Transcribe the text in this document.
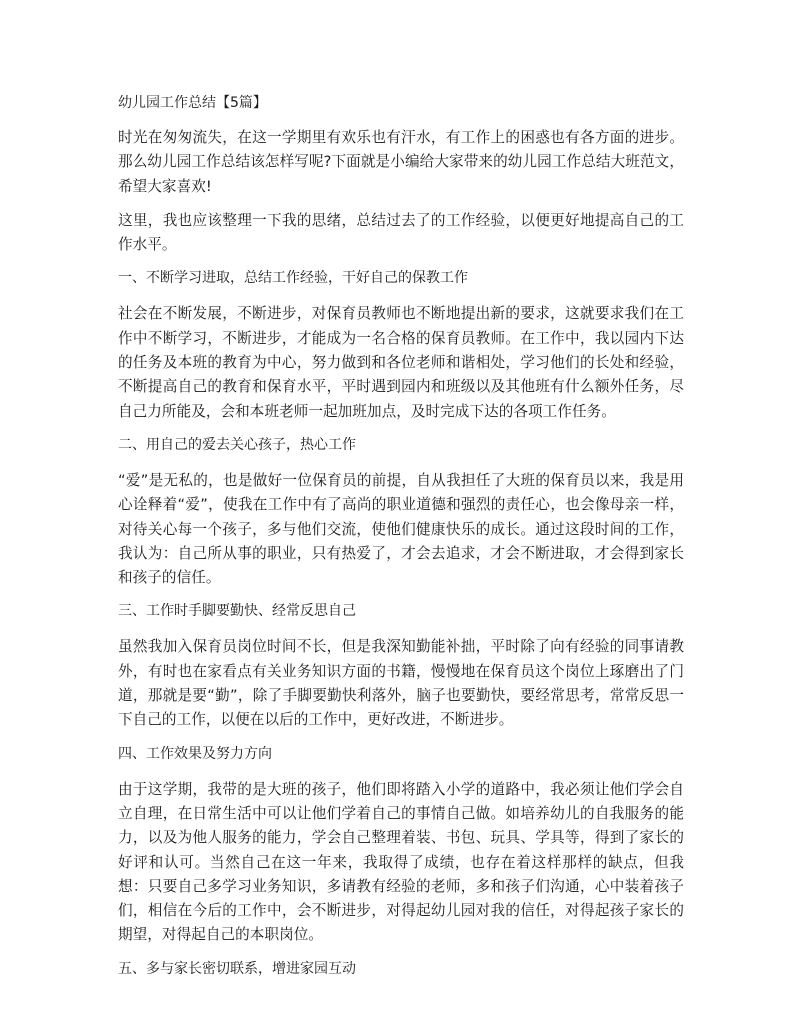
幼儿园工作总结【5篇】

时光在匆匆流失，在这一学期里有欢乐也有汗水，有工作上的困惑也有各方面的进步。那么幼儿园工作总结该怎样写呢?下面就是小编给大家带来的幼儿园工作总结大班范文，希望大家喜欢!

这里，我也应该整理一下我的思绪，总结过去了的工作经验，以便更好地提高自己的工作水平。

一、不断学习进取，总结工作经验，干好自己的保教工作

社会在不断发展，不断进步，对保育员教师也不断地提出新的要求，这就要求我们在工作中不断学习，不断进步，才能成为一名合格的保育员教师。在工作中，我以园内下达的任务及本班的教育为中心，努力做到和各位老师和谐相处，学习他们的长处和经验，不断提高自己的教育和保育水平，平时遇到园内和班级以及其他班有什么额外任务，尽自己力所能及，会和本班老师一起加班加点，及时完成下达的各项工作任务。

二、用自己的爱去关心孩子，热心工作

“爱”是无私的，也是做好一位保育员的前提，自从我担任了大班的保育员以来，我是用心诠释着“爱”，使我在工作中有了高尚的职业道德和强烈的责任心，也会像母亲一样，对待关心每一个孩子，多与他们交流，使他们健康快乐的成长。通过这段时间的工作，我认为：自己所从事的职业，只有热爱了，才会去追求，才会不断进取，才会得到家长和孩子的信任。

三、工作时手脚要勤快、经常反思自己

虽然我加入保育员岗位时间不长，但是我深知勤能补拙，平时除了向有经验的同事请教外，有时也在家看点有关业务知识方面的书籍，慢慢地在保育员这个岗位上琢磨出了门道，那就是要“勤”，除了手脚要勤快利落外，脑子也要勤快，要经常思考，常常反思一下自己的工作，以便在以后的工作中，更好改进，不断进步。

四、工作效果及努力方向

由于这学期，我带的是大班的孩子，他们即将踏入小学的道路中，我必须让他们学会自立自理，在日常生活中可以让他们学着自己的事情自己做。如培养幼儿的自我服务的能力，以及为他人服务的能力，学会自己整理着装、书包、玩具、学具等，得到了家长的好评和认可。当然自己在这一年来，我取得了成绩，也存在着这样那样的缺点，但我想：只要自己多学习业务知识，多请教有经验的老师，多和孩子们沟通，心中装着孩子们，相信在今后的工作中，会不断进步，对得起幼儿园对我的信任，对得起孩子家长的期望，对得起自己的本职岗位。

五、多与家长密切联系，增进家园互动
